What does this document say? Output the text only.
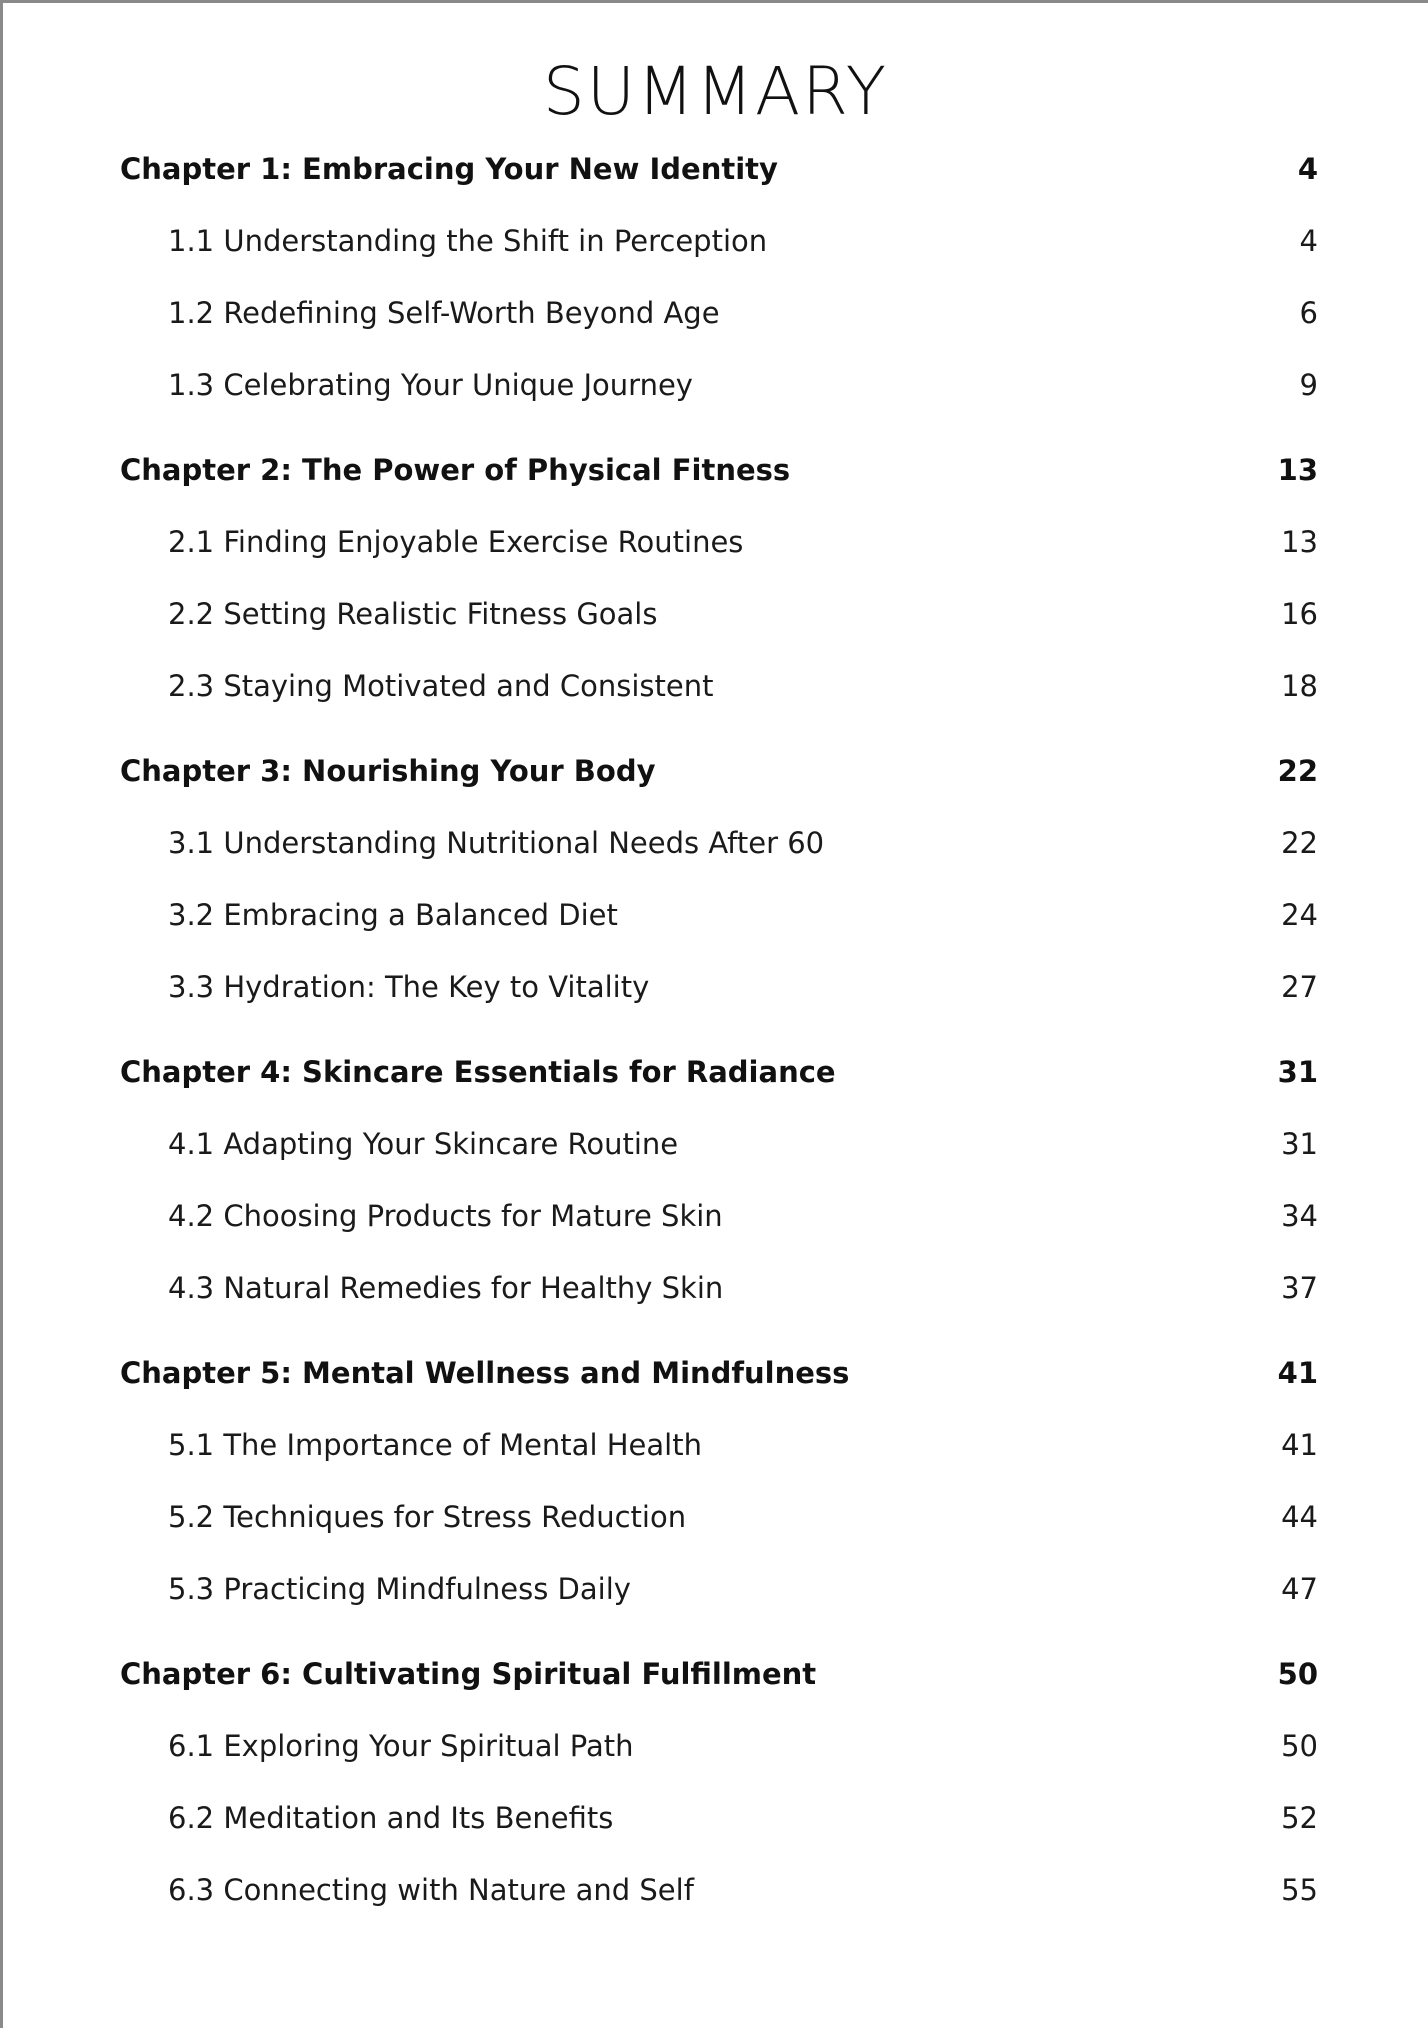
SUMMARY
Chapter 1: Embracing Your New Identity	4
1.1 Understanding the Shift in Perception	4
1.2 Redefining Self-Worth Beyond Age	6
1.3 Celebrating Your Unique Journey	9
Chapter 2: The Power of Physical Fitness	13
2.1 Finding Enjoyable Exercise Routines	13
2.2 Setting Realistic Fitness Goals	16
2.3 Staying Motivated and Consistent	18
Chapter 3: Nourishing Your Body	22
3.1 Understanding Nutritional Needs After 60	22
3.2 Embracing a Balanced Diet	24
3.3 Hydration: The Key to Vitality	27
Chapter 4: Skincare Essentials for Radiance	31
4.1 Adapting Your Skincare Routine	31
4.2 Choosing Products for Mature Skin	34
4.3 Natural Remedies for Healthy Skin	37
Chapter 5: Mental Wellness and Mindfulness	41
5.1 The Importance of Mental Health	41
5.2 Techniques for Stress Reduction	44
5.3 Practicing Mindfulness Daily	47
Chapter 6: Cultivating Spiritual Fulfillment	50
6.1 Exploring Your Spiritual Path	50
6.2 Meditation and Its Benefits	52
6.3 Connecting with Nature and Self	55
